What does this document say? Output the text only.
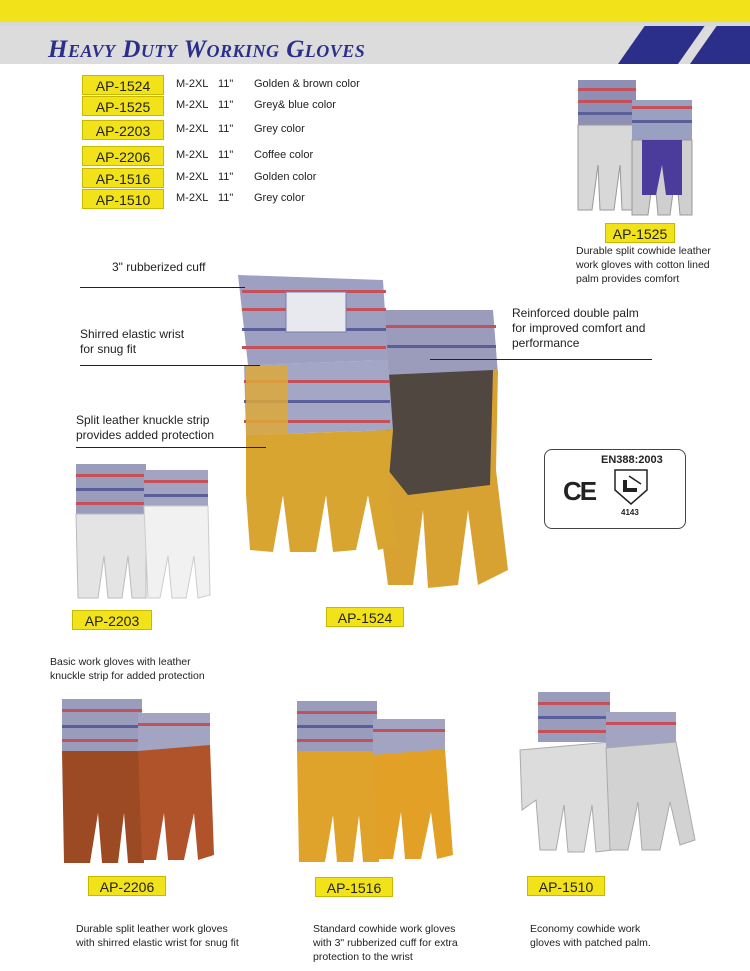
Heavy Duty Working Gloves
AP-1524	M-2XL 11" Golden & brown color
AP-1525	M-2XL 11" Grey& blue color
AP-2203	M-2XL 11" Grey color
AP-2206	M-2XL 11" Coffee color
AP-1516	M-2XL 11" Golden color
AP-1510	M-2XL 11" Grey color
AP-1525
Durable split cowhide leather
work gloves with cotton lined
palm provides comfort
3" rubberized cuff
Shirred elastic wrist
for snug fit
Split leather knuckle strip
provides added protection
Reinforced double palm
for improved comfort and
performance
EN388:2003
CE
4143
AP-2203
Basic work gloves with leather
knuckle strip for added protection
AP-1524
AP-2206	AP-1516	AP-1510
Durable split leather work gloves
with shirred elastic wrist for snug fit
Standard cowhide work gloves
with 3" rubberized cuff for extra
protection to the wrist
Economy cowhide work
gloves with patched palm.
